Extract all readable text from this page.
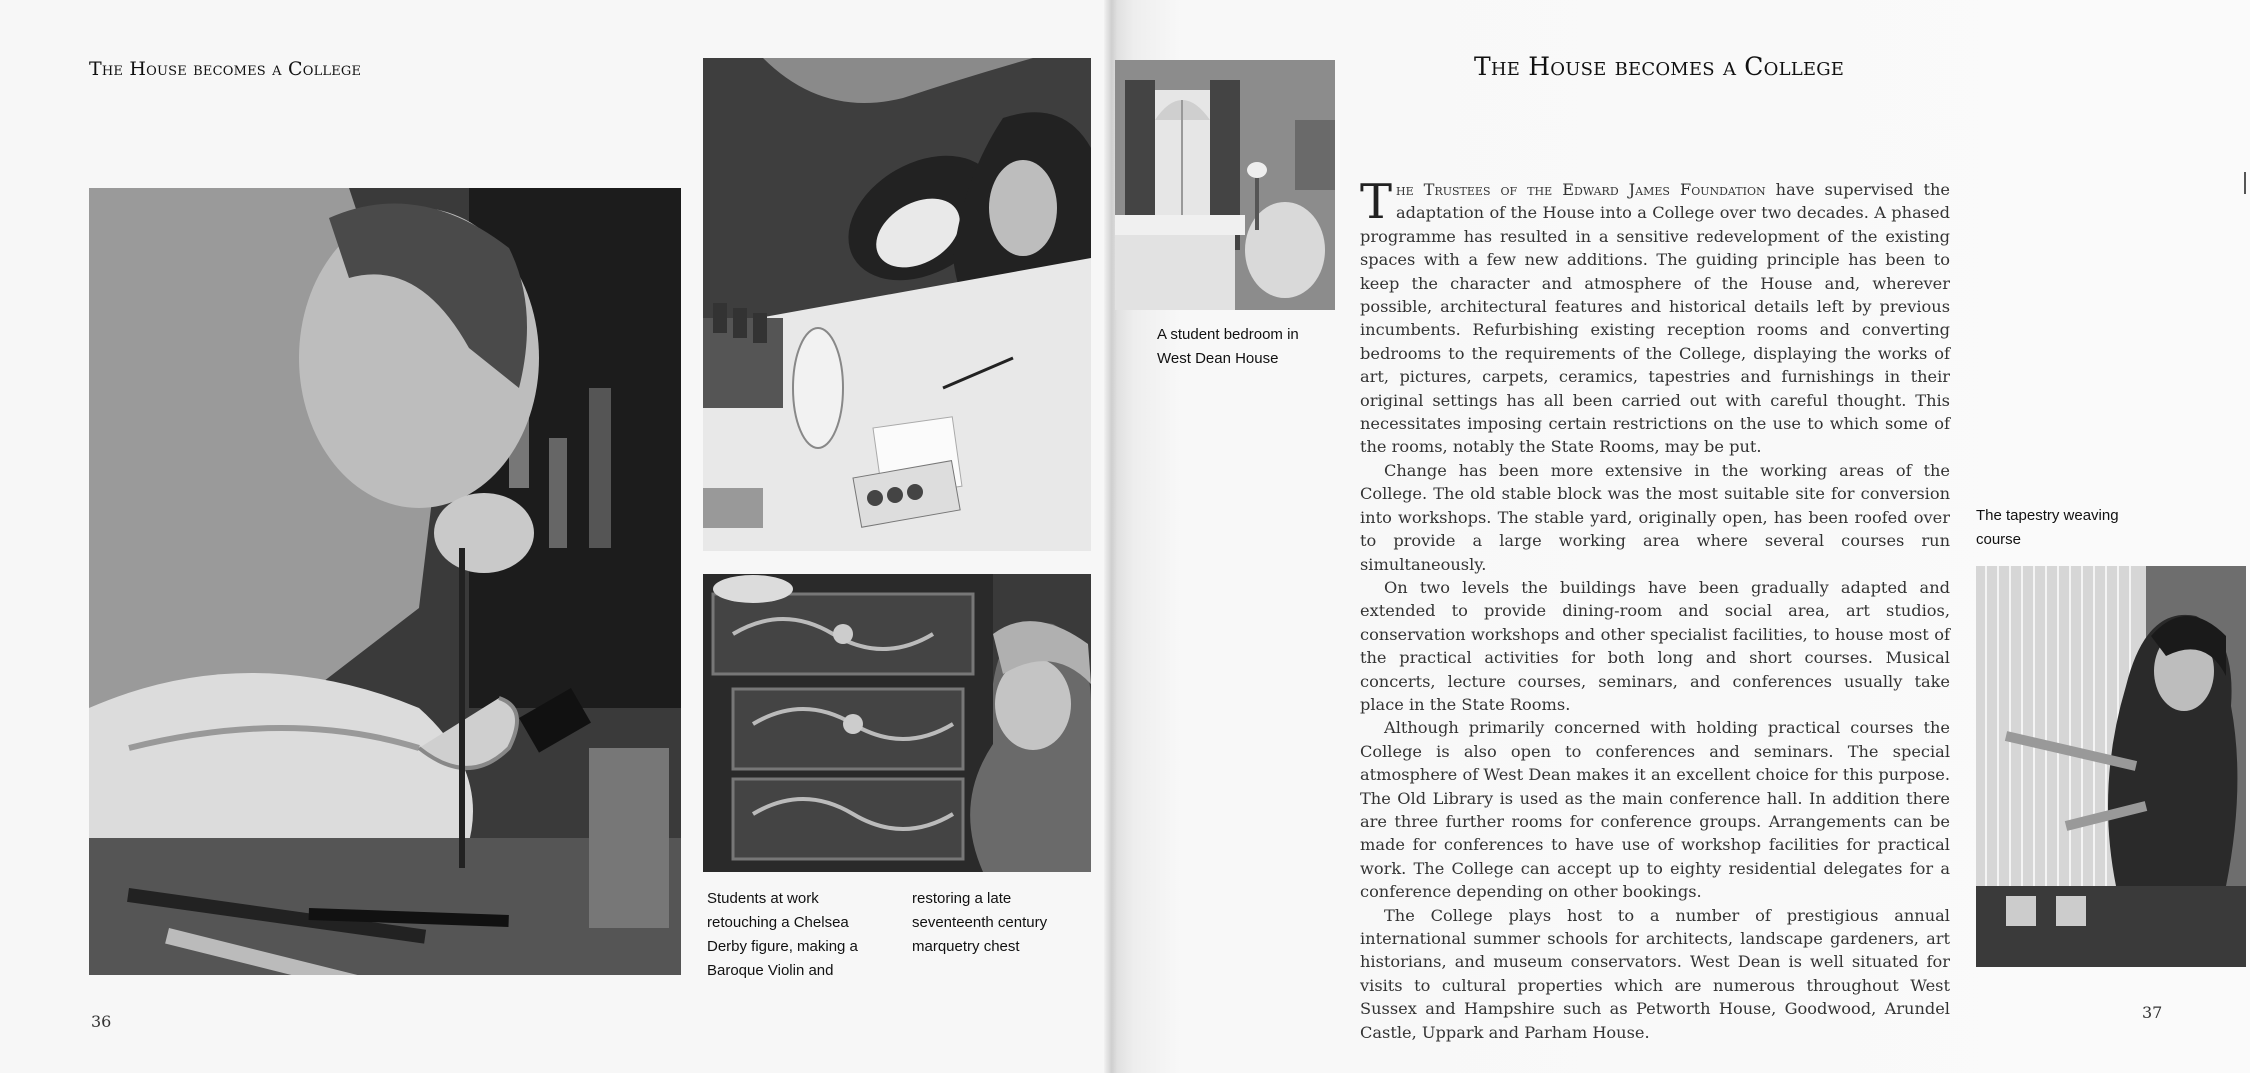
The House becomes a College
Students at work
retouching a Chelsea
Derby figure, making a
Baroque Violin and
restoring a late
seventeenth century
marquetry chest
36
The House becomes a College
A student bedroom in
West Dean House

The Trustees of the Edward James Foundation have supervised the adaptation of the House into a College over two decades. A phased programme has resulted in a sensitive redevelopment of the existing spaces with a few new additions. The guiding principle has been to keep the character and atmosphere of the House and, wherever possible, architectural features and historical details left by previous incumbents. Refurbishing existing reception rooms and converting bedrooms to the requirements of the College, displaying the works of art, pictures, carpets, ceramics, tapestries and furnishings in their original settings has all been carried out with careful thought. This necessitates imposing certain restrictions on the use to which some of the rooms, notably the State Rooms, may be put.

Change has been more extensive in the working areas of the College. The old stable block was the most suitable site for conversion into workshops. The stable yard, originally open, has been roofed over to provide a large working area where several courses run simultaneously.

On two levels the buildings have been gradually adapted and extended to provide dining-room and social area, art studios, conservation workshops and other specialist facilities, to house most of the practical activities for both long and short courses. Musical concerts, lecture courses, seminars, and conferences usually take place in the State Rooms.

Although primarily concerned with holding practical courses the College is also open to conferences and seminars. The special atmosphere of West Dean makes it an excellent choice for this purpose. The Old Library is used as the main conference hall. In addition there are three further rooms for conference groups. Arrangements can be made for conferences to have use of workshop facilities for practical work. The College can accept up to eighty residential delegates for a conference depending on other bookings.

The College plays host to a number of prestigious annual international summer schools for architects, landscape gardeners, art historians, and museum conservators. West Dean is well situated for visits to cultural properties which are numerous throughout West Sussex and Hampshire such as Petworth House, Goodwood, Arundel Castle, Uppark and Parham House.

The tapestry weaving
course
37
